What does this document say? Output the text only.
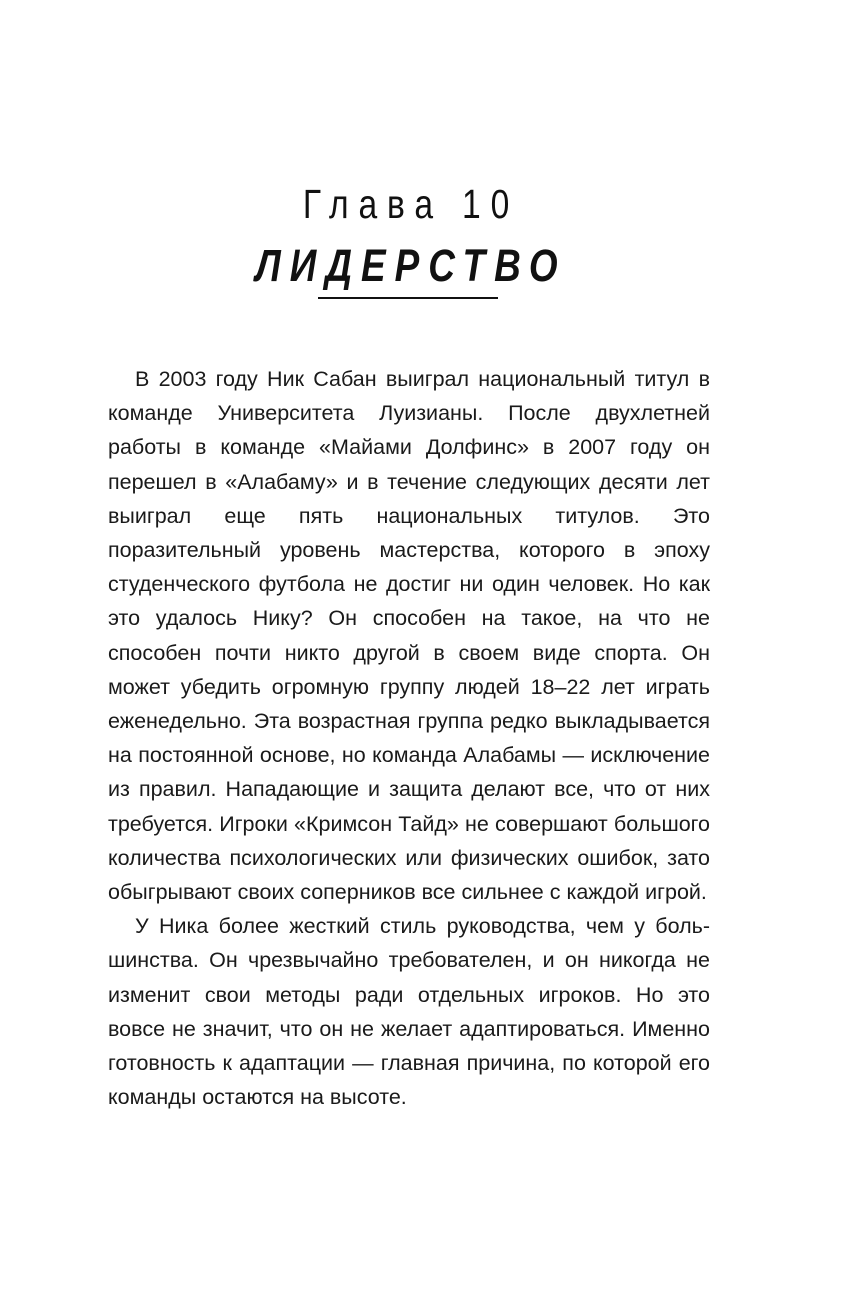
Глава 10
ЛИДЕРСТВО

В 2003 году Ник Сабан выиграл национальный титул в команде Университета Луизианы. После двухлетней работы в команде «Майами Долфинс» в 2007 году он перешел в «Алабаму» и в течение следующих десяти лет выиграл еще пять национальных титулов. Это поразительный уровень мастерства, которого в эпоху студенческого футбола не достиг ни один человек. Но как это удалось Нику? Он способен на такое, на что не способен почти никто другой в своем виде спорта. Он может убедить огромную группу людей 18–22 лет играть еженедельно. Эта возрастная группа редко выкладывается на постоянной основе, но команда Алабамы — исключение из правил. Нападающие и защита делают все, что от них требуется. Игроки «Кримсон Тайд» не совершают большого количества психологических или физических ошибок, зато обыгрывают своих соперников все сильнее с каждой игрой.

У Ника более жесткий стиль руководства, чем у большинства. Он чрезвычайно требователен, и он никогда не изменит свои методы ради отдельных игроков. Но это вовсе не значит, что он не желает адаптироваться. Именно готовность к адаптации — главная причина, по которой его команды остаются на высоте.
